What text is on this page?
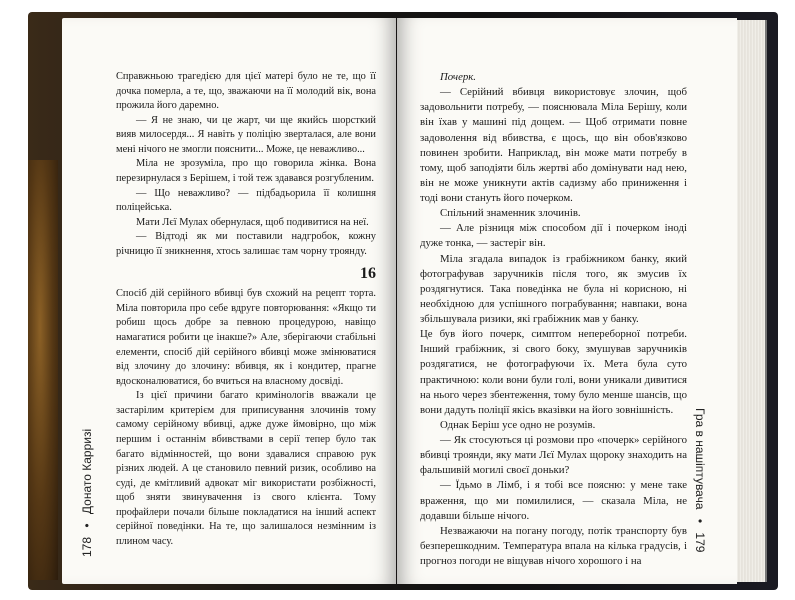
178 • Донато Карризі	Гра в нашіптувача • 179

Справжньою трагедією для цієї матері було не те, що її дочка померла, а те, що, зважаючи на її молодий вік, вона прожила його даремно.

— Я не знаю, чи це жарт, чи ще якийсь шорсткий вияв милосердя... Я навіть у поліцію зверталася, але вони мені нічого не змогли пояснити... Може, це неважливо...

Міла не зрозуміла, про що говорила жінка. Вона перезирнулася з Берішем, і той теж здавався розгубленим.

— Що неважливо? — підбадьорила її колишня поліцейська.

Мати Лєї Мулах обернулася, щоб подивитися на неї.

— Відтоді як ми поставили надгробок, кожну річницю її зникнення, хтось залишає там чорну троянду.

16

Спосіб дій серійного вбивці був схожий на рецепт торта. Міла повторила про себе вдруге повторювання: «Якщо ти робиш щось добре за певною процедурою, навіщо намагатися робити це інакше?» Але, зберігаючи стабільні елементи, спосіб дій серійного вбивці може змінюватися від злочину до злочину: вбивця, як і кондитер, прагне вдосконалюватися, бо вчиться на власному досвіді.

Із цієї причини багато кримінологів вважали це застарілим критерієм для приписування злочинів тому самому серійному вбивці, адже дуже ймовірно, що між першим і останнім вбивствами в серії тепер було так багато відмінностей, що вони здавалися справою рук різних людей. А це становило певний ризик, особливо на суді, де кмітливий адвокат міг використати розбіжності, щоб зняти звинувачення із свого клієнта. Тому профайлери почали більше покладатися на інший аспект серійної поведінки. На те, що залишалося незмінним із плином часу.

Почерк.

— Серійний вбивця використовує злочин, щоб задовольнити потребу, — пояснювала Міла Берішу, коли він їхав у машині під дощем. — Щоб отримати повне задоволення від вбивства, є щось, що він обов'язково повинен зробити. Наприклад, він може мати потребу в тому, щоб заподіяти біль жертві або домінувати над нею, він не може уникнути актів садизму або приниження і тоді вони стануть його почерком.

Спільний знаменник злочинів.

— Але різниця між способом дії і почерком іноді дуже тонка, — застеріг він.

Міла згадала випадок із грабіжником банку, який фотографував заручників після того, як змусив їх роздягнутися. Така поведінка не була ні корисною, ні необхідною для успішного пограбування; навпаки, вона збільшувала ризики, які грабіжник мав у банку.

Це був його почерк, симптом непереборної потреби. Інший грабіжник, зі свого боку, змушував заручників роздягатися, не фотографуючи їх. Мета була суто практичною: коли вони були голі, вони уникали дивитися на нього через збентеження, тому було менше шансів, що вони дадуть поліції якісь вказівки на його зовнішність.

Однак Беріш усе одно не розумів.

— Як стосуються ці розмови про «почерк» серійного вбивці троянди, яку мати Лєї Мулах щороку знаходить на фальшивій могилі своєї доньки?

— Їдьмо в Лімб, і я тобі все поясню: у мене таке враження, що ми помилилися, — сказала Міла, не додавши більше нічого.

Незважаючи на погану погоду, потік транспорту був безперешкодним. Температура впала на кілька градусів, і прогноз погоди не віщував нічого хорошого і на
